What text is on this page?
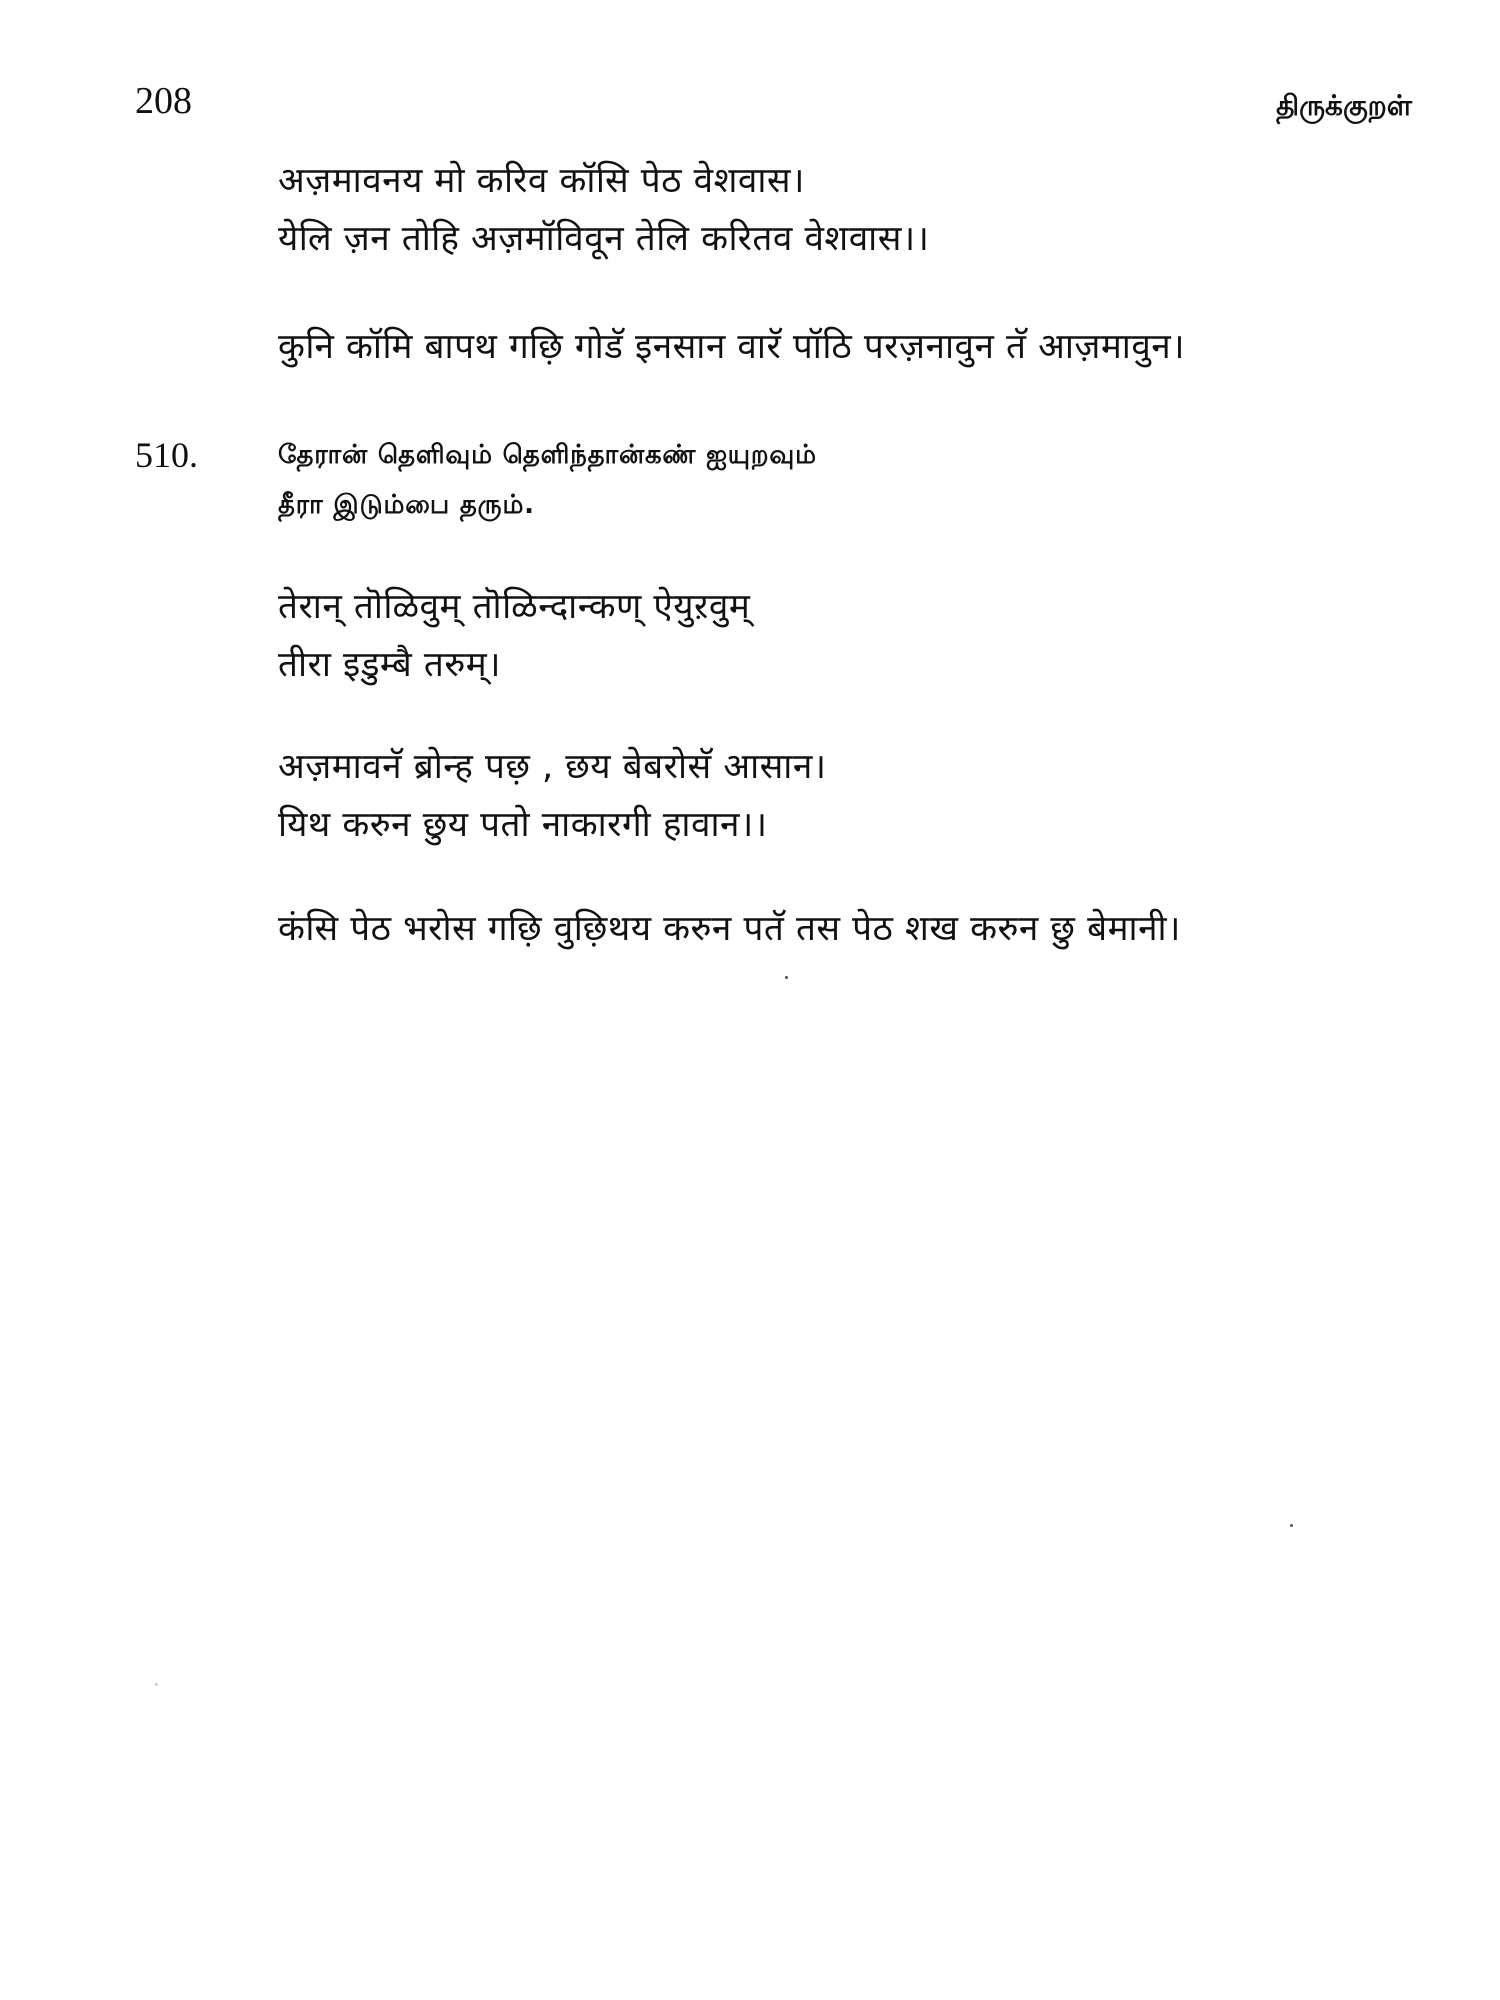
208	திருக்குறள்
अज़मावनय मो करिव कॉसि पेठ वेशवास।
येलि ज़न तोहि अज़मॉविवून तेलि करितव वेशवास।।
कुनि कॉमि बापथ गछ़ि गोडॅ इनसान वारॅ पॉठि परज़नावुन तॅ आज़मावुन।
510.	தேரான் தெளிவும் தெளிந்தான்கண் ஐயுறவும்
தீரா இடும்பை தரும்.
तेरान् तॊळिवुम् तॊळिन्दान्कण् ऐयुऱवुम्
तीरा इडुम्बै तरुम्।
अज़मावनॅ ब्रोन्ह पछ़ , छय बेबरोसॅ आसान।
यिथ करुन छुय पतो नाकारगी हावान।।
कंसि पेठ भरोस गछ़ि वुछ़िथय करुन पतॅ तस पेठ शख करुन छु बेमानी।
